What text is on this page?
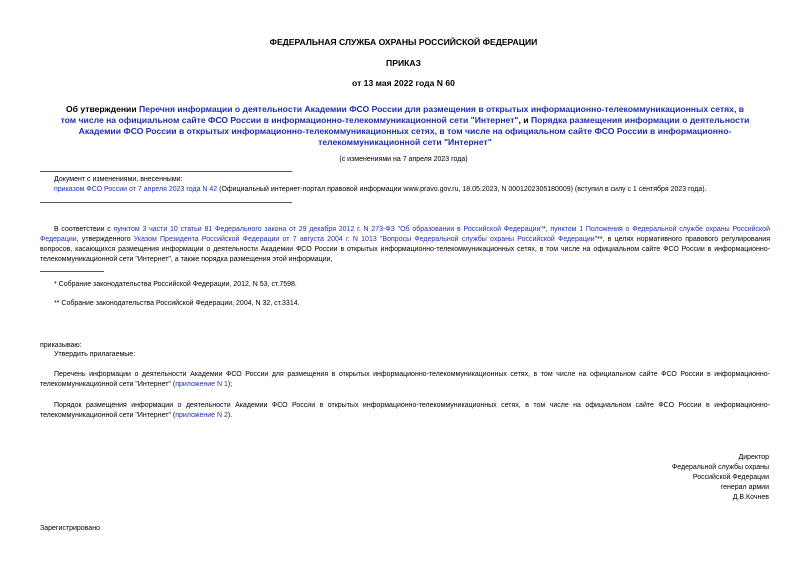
ФЕДЕРАЛЬНАЯ СЛУЖБА ОХРАНЫ РОССИЙСКОЙ ФЕДЕРАЦИИ
ПРИКАЗ
от 13 мая 2022 года N 60
Об утверждении Перечня информации о деятельности Академии ФСО России для размещения в открытых информационно-телекоммуникационных сетях, в том числе на официальном сайте ФСО России в информационно-телекоммуникационной сети "Интернет", и Порядка размещения информации о деятельности Академии ФСО России в открытых информационно-телекоммуникационных сетях, в том числе на официальном сайте ФСО России в информационно-телекоммуникационной сети "Интернет"
(с изменениями на 7 апреля 2023 года)
Документ с изменениями, внесенными:
приказом ФСО России от 7 апреля 2023 года N 42 (Официальный интернет-портал правовой информации www.pravo.gov.ru, 18.05.2023, N 0001202305180009) (вступил в силу с 1 сентября 2023 года).
В соответствии с пунктом 3 части 10 статьи 81 Федерального закона от 29 декабря 2012 г. N 273-ФЗ "Об образовании в Российской Федерации"*, пунктом 1 Положения о Федеральной службе охраны Российской Федерации, утвержденного Указом Президента Российской Федерации от 7 августа 2004 г. N 1013 "Вопросы Федеральной службы охраны Российской Федерации"**, в целях нормативного правового регулирования вопросов, касающихся размещения информации о деятельности Академии ФСО России в открытых информационно-телекоммуникационных сетях, в том числе на официальном сайте ФСО России в информационно-телекоммуникационной сети "Интернет", а также порядка размещения этой информации,
* Собрание законодательства Российской Федерации, 2012, N 53, ст.7598.
** Собрание законодательства Российской Федерации, 2004, N 32, ст.3314.
приказываю:
Утвердить прилагаемые:
Перечень информации о деятельности Академии ФСО России для размещения в открытых информационно-телекоммуникационных сетях, в том числе на официальном сайте ФСО России в информационно-телекоммуникационной сети "Интернет" (приложение N 1);
Порядок размещения информации о деятельности Академии ФСО России в открытых информационно-телекоммуникационных сетях, в том числе на официальном сайте ФСО России в информационно-телекоммуникационной сети "Интернет" (приложение N 2).
Директор
Федеральной службы охраны
Российской Федерации
генерал армии
Д.В.Кочнев
Зарегистрировано
